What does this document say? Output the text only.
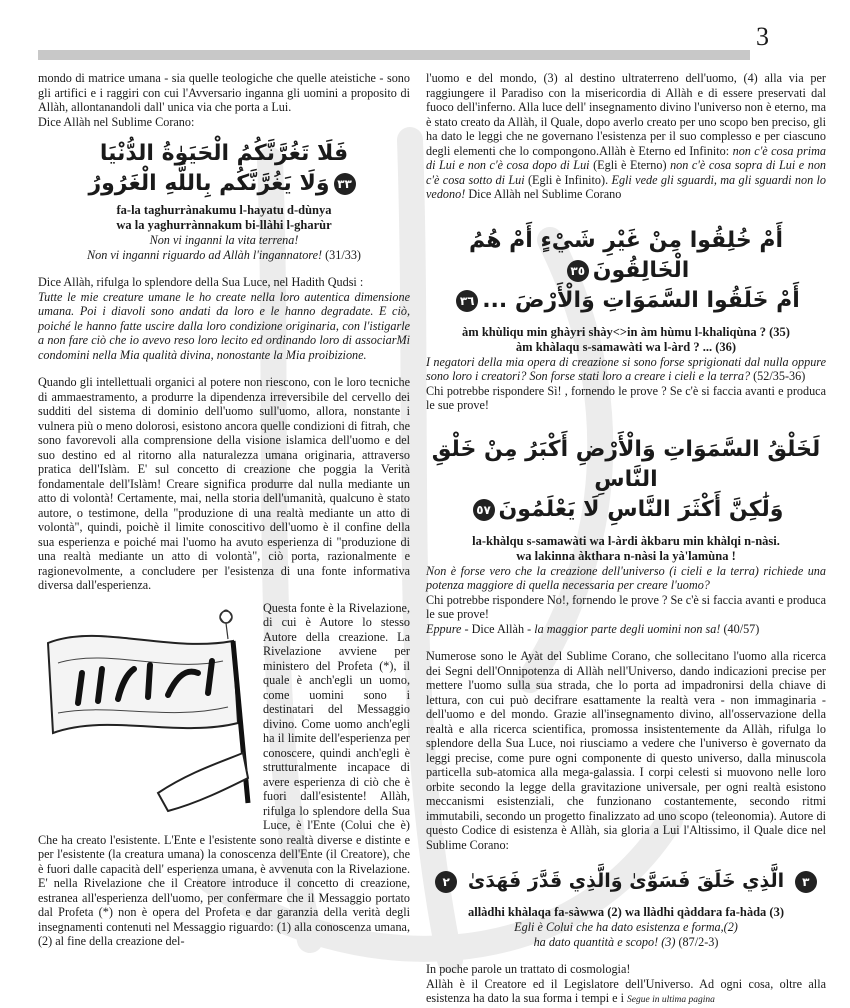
3

mondo di matrice umana - sia quelle teologiche che quelle ateistiche - sono gli artifici e i raggiri con cui l'Avversario inganna gli uomini a proposito di Allàh, allontanandoli dall' unica via che porta a Lui.

Dice Allàh nel Sublime Corano:

فَلَا تَغُرَّنَّكُمُ الْحَيَوٰةُ الدُّنْيَا
٣٣وَلَا يَغُرَّنَّكُم بِاللَّهِ الْغَرُورُ
fa-la taghurrànakumu l-hayatu d-dùnya
wa la yaghurrànnakum bi-llàhi l-gharùr
Non vi inganni la vita terrena!
Non vi inganni riguardo ad Allàh l'ingannatore! (31/33)

Dice Allàh, rifulga lo splendore della Sua Luce, nel Hadith Qudsi :

Tutte le mie creature umane le ho create nella loro autentica dimensione umana. Poi i diavoli sono andati da loro e le hanno degradate. E ciò, poiché le hanno fatte uscire dalla loro condizione originaria, con l'istigarle a non fare ciò che io avevo reso loro lecito ed ordinando loro di associarMi condomini nella Mia qualità divina, nonostante la Mia proibizione.

Quando gli intellettuali organici al potere non riescono, con le loro tecniche di ammaestramento, a produrre la dipendenza irreversibile del cervello dei sudditi del sistema di dominio dell'uomo sull'uomo, allora, nonstante i vulnera più o meno dolorosi, esistono ancora quelle condizioni di fitrah, che sono favorevoli alla comprensione della visione islamica dell'uomo e del suo destino ed al ritorno alla naturalezza umana originaria, attraverso pratica dell'Islàm. E' sul concetto di creazione che poggia la Verità fondamentale dell'Islàm! Creare significa produrre dal nulla mediante un atto di volontà! Certamente, mai, nella storia dell'umanità, qualcuno è stato autore, o testimone, della "produzione di una realtà mediante un atto di volontà", quindi, poichè il limite conoscitivo dell'uomo è il confine della sua esperienza e poiché mai l'uomo ha avuto esperienza di "produzione di una realtà mediante un atto di volontà", ciò porta, razionalmente e ragionevolmente, a concludere per l'esistenza di una fonte informativa diversa dall'esperienza.

Questa fonte è la Rivelazione, di cui è Autore lo stesso Autore della creazione. La Rivelazione avviene per ministero del Profeta (*), il quale è anch'egli un uomo, come uomini sono i destinatari del Messaggio divino. Come uomo anch'egli ha il limite dell'esperienza per conoscere, quindi anch'egli è strutturalmente incapace di avere esperienza di ciò che è fuori dall'esistente! Allàh, rifulga lo splendore della Sua Luce, è l'Ente (Colui che è) Che ha creato l'esistente. L'Ente e l'esistente sono realtà diverse e distinte e per l'esistente (la creatura umana) la conoscenza dell'Ente (il Creatore), che è fuori dalle capacità dell' esperienza umana, è avvenuta con la Rivelazione. E' nella Rivelazione che il Creatore introduce il concetto di creazione, estranea all'esperienza dell'uomo, per confermare che il Messaggio portato dal Profeta (*) non è opera del Profeta e dar garanzia della verità degli insegnamenti contenuti nel Messaggio riguardo: (1) alla conoscenza umana, (2) al fine della creazione del-

l'uomo e del mondo, (3) al destino ultraterreno dell'uomo, (4) alla via per raggiungere il Paradiso con la misericordia di Allàh e di essere preservati dal fuoco dell'inferno. Alla luce dell' insegnamento divino l'universo non è eterno, ma è stato creato da Allàh, il Quale, dopo averlo creato per uno scopo ben preciso, gli ha dato le leggi che ne governano l'esistenza per il suo complesso e per ciascuno degli elementi che lo compongono.Allàh è Eterno ed Infinito: non c'è cosa prima di Lui e non c'è cosa dopo di Lui (Egli è Eterno) non c'è cosa sopra di Lui e non c'è cosa sotto di Lui (Egli è Infinito). Egli vede gli sguardi, ma gli sguardi non lo vedono! Dice Allàh nel Sublime Corano

أَمْ خُلِقُوا مِنْ غَيْرِ شَيْءٍ أَمْ هُمُ الْخَالِقُونَ٣٥
أَمْ خَلَقُوا السَّمَوَاتِ وَالْأَرْضَ ...٣٦
àm khùliqu min ghàyri shày<>in àm hùmu l-khaliqùna ? (35)
àm khàlaqu s-samawàti wa l-àrd ? ... (36)

I negatori della mia opera di creazione si sono forse sprigionati dal nulla oppure sono loro i creatori? Son forse stati loro a creare i cieli e la terra? (52/35-36)

Chi potrebbe rispondere Sì! , fornendo le prove ? Se c'è si faccia avanti e produca le sue prove!

لَخَلْقُ السَّمَوَاتِ وَالْأَرْضِ أَكْبَرُ مِنْ خَلْقِ النَّاسِ
وَلَٰكِنَّ أَكْثَرَ النَّاسِ لَا يَعْلَمُونَ٥٧
la-khàlqu s-samawàti wa l-àrdi àkbaru min khàlqi n-nàsi.
wa lakinna àkthara n-nàsi la yà'lamùna !

Non è forse vero che la creazione dell'universo (i cieli e la terra) richiede una potenza maggiore di quella necessaria per creare l'uomo?

Chi potrebbe rispondere No!, fornendo le prove ? Se c'è si faccia avanti e produca le sue prove!

Eppure - Dice Allàh - la maggior parte degli uomini non sa! (40/57)

Numerose sono le Ayàt del Sublime Corano, che sollecitano l'uomo alla ricerca dei Segni dell'Onnipotenza di Allàh nell'Universo, dando indicazioni precise per mettere l'uomo sulla sua strada, che lo porta ad impadronirsi della chiave di lettura, con cui può decifrare esattamente la realtà vera - non immaginaria - dell'uomo e del mondo. Grazie all'insegnamento divino, all'osservazione della realtà e alla ricerca scientifica, promossa insistentemente da Allàh, rifulga lo splendore della Sua Luce, noi riusciamo a vedere che l'universo è governato da leggi precise, come pure ogni componente di questo universo, dalla minuscola particella sub-atomica alla mega-galassia. I corpi celesti si muovono nelle loro orbite secondo la legge della gravitazione universale, per ogni realtà esistono meccanismi esistenziali, che funzionano costantemente, secondo ritmi immutabili, secondo un progetto finalizzato ad uno scopo (teleonomia). Autore di questo Codice di esistenza è Allàh, sia gloria a Lui l'Altissimo, il Quale dice nel Sublime Corano:

٣ الَّذِي خَلَقَ فَسَوَّىٰ وَالَّذِي قَدَّرَ فَهَدَىٰ ٢
allàdhi khàlaqa fa-sàwwa (2) wa llàdhi qàddara fa-hàda (3)
Egli è Colui che ha dato esistenza e forma,(2)
ha dato quantità e scopo! (3) (87/2-3)

In poche parole un trattato di cosmologia!

Allàh è il Creatore ed il Legislatore dell'Universo. Ad ogni cosa, oltre alla esistenza ha dato la sua forma i tempi e i Segue in ultima pagina
